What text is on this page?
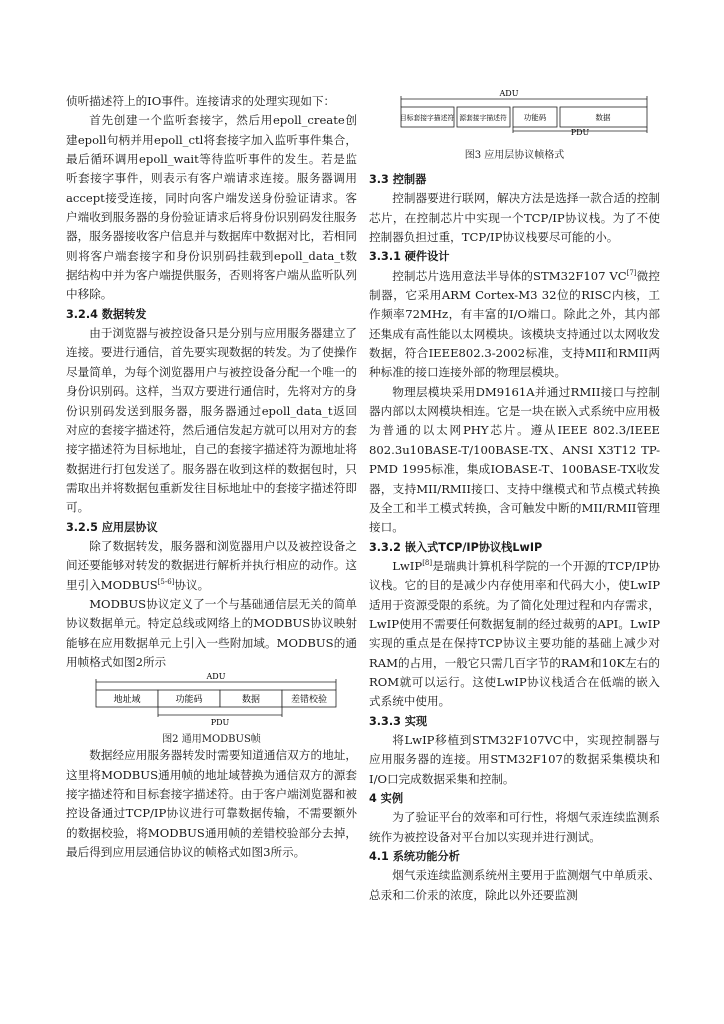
侦听描述符上的IO事件。连接请求的处理实现如下：

首先创建一个监听套接字，然后用epoll_create创建epoll句柄并用epoll_ctl将套接字加入监听事件集合，最后循环调用epoll_wait等待监听事件的发生。若是监听套接字事件，则表示有客户端请求连接。服务器调用accept接受连接，同时向客户端发送身份验证请求。客户端收到服务器的身份验证请求后将身份识别码发往服务器，服务器接收客户信息并与数据库中数据对比，若相同则将客户端套接字和身份识别码挂载到epoll_data_t数据结构中并为客户端提供服务，否则将客户端从监听队列中移除。

3.2.4 数据转发

由于浏览器与被控设备只是分别与应用服务器建立了连接。要进行通信，首先要实现数据的转发。为了使操作尽量简单，为每个浏览器用户与被控设备分配一个唯一的身份识别码。这样，当双方要进行通信时，先将对方的身份识别码发送到服务器，服务器通过epoll_data_t返回对应的套接字描述符，然后通信发起方就可以用对方的套接字描述符为目标地址，自己的套接字描述符为源地址将数据进行打包发送了。服务器在收到这样的数据包时，只需取出并将数据包重新发往目标地址中的套接字描述符即可。

3.2.5 应用层协议

除了数据转发，服务器和浏览器用户以及被控设备之间还要能够对转发的数据进行解析并执行相应的动作。这里引入MODBUS[5-6]协议。

MODBUS协议定义了一个与基础通信层无关的简单协议数据单元。特定总线或网络上的MODBUS协议映射能够在应用数据单元上引入一些附加域。MODBUS的通用帧格式如图2所示

ADU
地址域	功能码	数据	差错校验
PDU
图2 通用MODBUS帧

数据经应用服务器转发时需要知道通信双方的地址，这里将MODBUS通用帧的地址域替换为通信双方的源套接字描述符和目标套接字描述符。由于客户端浏览器和被控设备通过TCP/IP协议进行可靠数据传输，不需要额外的数据校验，将MODBUS通用帧的差错校验部分去掉，最后得到应用层通信协议的帧格式如图3所示。

ADU
目标套接字描述符 源套接字描述符 功能码	数据
PDU
图3 应用层协议帧格式
3.3 控制器

控制器要进行联网，解决方法是选择一款合适的控制芯片，在控制芯片中实现一个TCP/IP协议栈。为了不使控制器负担过重，TCP/IP协议栈要尽可能的小。

3.3.1 硬件设计

控制芯片选用意法半导体的STM32F107 VC[7]微控制器，它采用ARM Cortex-M3 32位的RISC内核，工作频率72MHz，有丰富的I/O端口。除此之外，其内部还集成有高性能以太网模块。该模块支持通过以太网收发数据，符合IEEE802.3-2002标准，支持MII和RMII两种标准的接口连接外部的物理层模块。

物理层模块采用DM9161A并通过RMII接口与控制器内部以太网模块相连。它是一块在嵌入式系统中应用极为普通的以太网PHY芯片。遵从IEEE 802.3/IEEE 802.3u10BASE-T/100BASE-TX、ANSI X3T12 TP-PMD 1995标准，集成IOBASE-T、100BASE-TX收发器，支持MII/RMII接口、支持中继模式和节点模式转换及全工和半工模式转换，含可触发中断的MII/RMII管理接口。

3.3.2 嵌入式TCP/IP协议栈LwIP

LwIP[8]是瑞典计算机科学院的一个开源的TCP/IP协议栈。它的目的是减少内存使用率和代码大小，使LwIP适用于资源受限的系统。为了简化处理过程和内存需求，LwIP使用不需要任何数据复制的经过裁剪的API。LwIP实现的重点是在保持TCP协议主要功能的基础上减少对RAM的占用，一般它只需几百字节的RAM和10K左右的ROM就可以运行。这使LwIP协议栈适合在低端的嵌入式系统中使用。

3.3.3 实现

将LwIP移植到STM32F107VC中，实现控制器与应用服务器的连接。用STM32F107的数据采集模块和I/O口完成数据采集和控制。

4 实例

为了验证平台的效率和可行性，将烟气汞连续监测系统作为被控设备对平台加以实现并进行测试。

4.1 系统功能分析

烟气汞连续监测系统州主要用于监测烟气中单质汞、总汞和二价汞的浓度，除此以外还要监测
